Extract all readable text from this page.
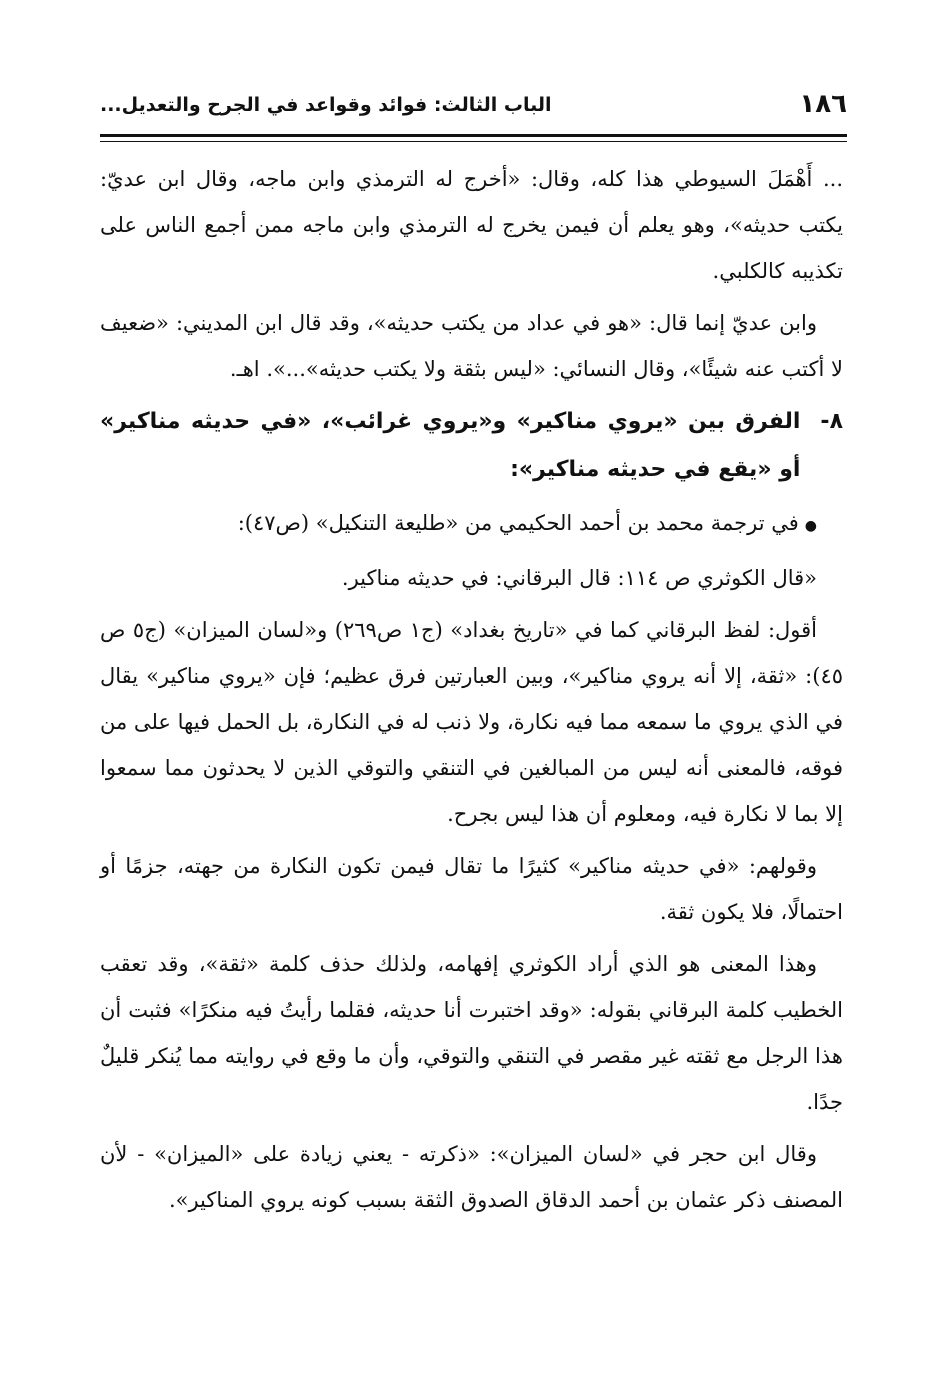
١٨٦
الباب الثالث: فوائد وقواعد في الجرح والتعديل...

... أَهْمَلَ السيوطي هذا كله، وقال: «أخرج له الترمذي وابن ماجه، وقال ابن عديّ: يكتب حديثه»، وهو يعلم أن فيمن يخرج له الترمذي وابن ماجه ممن أجمع الناس على تكذيبه كالكلبي.

وابن عديّ إنما قال: «هو في عداد من يكتب حديثه»، وقد قال ابن المديني: «ضعيف لا أكتب عنه شيئًا»، وقال النسائي: «ليس بثقة ولا يكتب حديثه»...». اهـ.

٨-
الفرق بين «يروي مناكير» و«يروي غرائب»، «في حديثه مناكير» أو «يقع في حديثه مناكير»:

●في ترجمة محمد بن أحمد الحكيمي من «طليعة التنكيل» (ص٤٧):

«قال الكوثري ص ١١٤: قال البرقاني: في حديثه مناكير.

أقول: لفظ البرقاني كما في «تاريخ بغداد» (ج١ ص٢٦٩) و«لسان الميزان» (ج٥ ص ٤٥): «ثقة، إلا أنه يروي مناكير»، وبين العبارتين فرق عظيم؛ فإن «يروي مناكير» يقال في الذي يروي ما سمعه مما فيه نكارة، ولا ذنب له في النكارة، بل الحمل فيها على من فوقه، فالمعنى أنه ليس من المبالغين في التنقي والتوقي الذين لا يحدثون مما سمعوا إلا بما لا نكارة فيه، ومعلوم أن هذا ليس بجرح.

وقولهم: «في حديثه مناكير» كثيرًا ما تقال فيمن تكون النكارة من جهته، جزمًا أو احتمالًا، فلا يكون ثقة.

وهذا المعنى هو الذي أراد الكوثري إفهامه، ولذلك حذف كلمة «ثقة»، وقد تعقب الخطيب كلمة البرقاني بقوله: «وقد اختبرت أنا حديثه، فقلما رأيتُ فيه منكرًا» فثبت أن هذا الرجل مع ثقته غير مقصر في التنقي والتوقي، وأن ما وقع في روايته مما يُنكر قليلٌ جدًا.

وقال ابن حجر في «لسان الميزان»: «ذكرته - يعني زيادة على «الميزان» - لأن المصنف ذكر عثمان بن أحمد الدقاق الصدوق الثقة بسبب كونه يروي المناكير».
